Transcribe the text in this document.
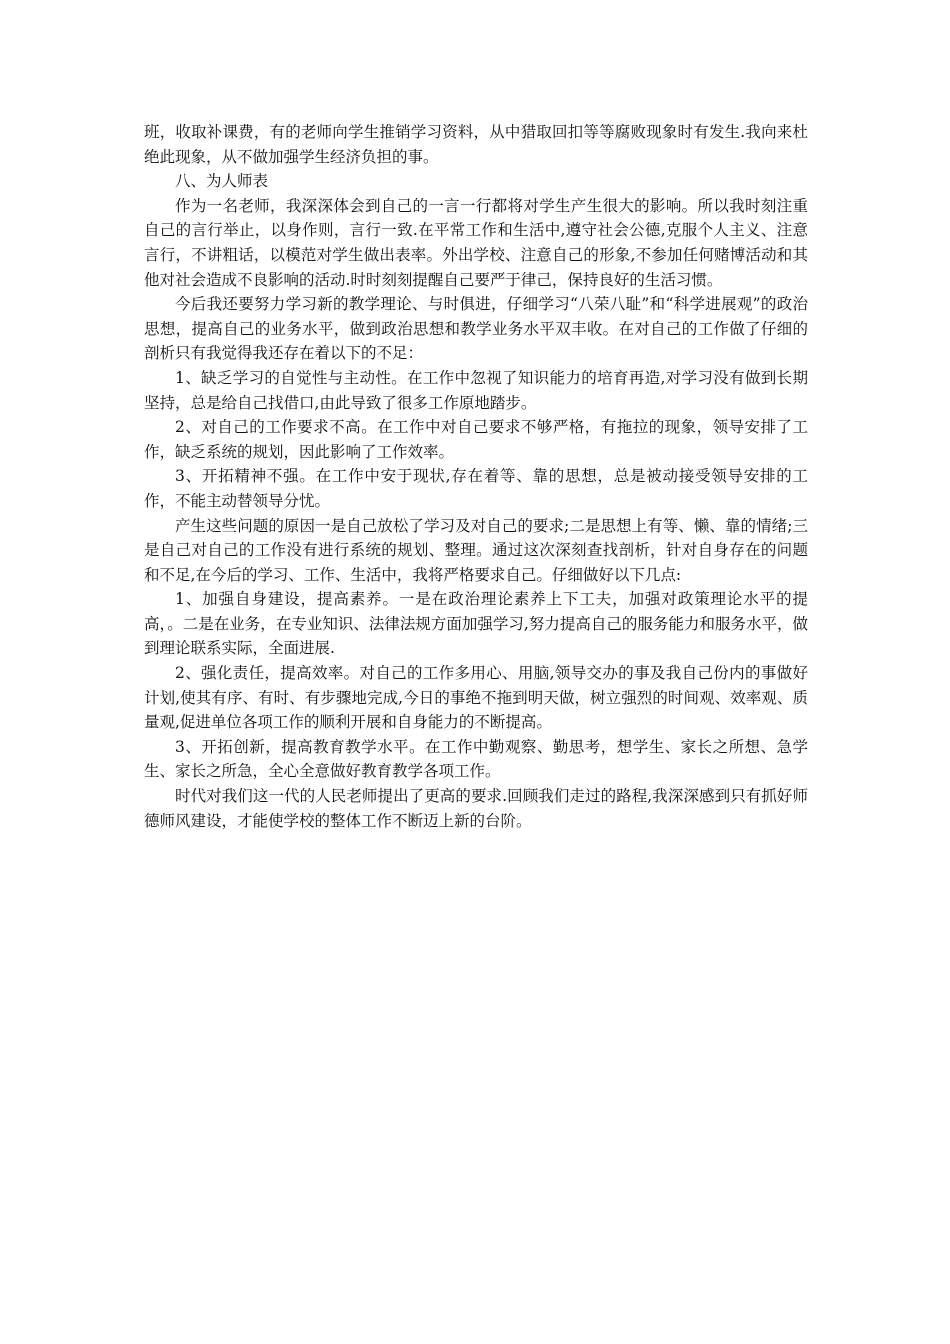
班，收取补课费，有的老师向学生推销学习资料，从中猎取回扣等等腐败现象时有发生.我向来杜绝此现象，从不做加强学生经济负担的事。

八、为人师表

作为一名老师，我深深体会到自己的一言一行都将对学生产生很大的影响。所以我时刻注重自己的言行举止，以身作则，言行一致.在平常工作和生活中,遵守社会公德,克服个人主义、注意言行，不讲粗话，以模范对学生做出表率。外出学校、注意自己的形象,不参加任何赌博活动和其他对社会造成不良影响的活动.时时刻刻提醒自己要严于律己，保持良好的生活习惯。

今后我还要努力学习新的教学理论、与时俱进，仔细学习“八荣八耻”和“科学进展观”的政治思想，提高自己的业务水平，做到政治思想和教学业务水平双丰收。在对自己的工作做了仔细的剖析只有我觉得我还存在着以下的不足：

1、缺乏学习的自觉性与主动性。在工作中忽视了知识能力的培育再造,对学习没有做到长期坚持，总是给自己找借口,由此导致了很多工作原地踏步。

2、对自己的工作要求不高。在工作中对自己要求不够严格，有拖拉的现象，领导安排了工作，缺乏系统的规划，因此影响了工作效率。

3、开拓精神不强。在工作中安于现状,存在着等、靠的思想，总是被动接受领导安排的工作，不能主动替领导分忧。

产生这些问题的原因一是自己放松了学习及对自己的要求;二是思想上有等、懒、靠的情绪;三是自己对自己的工作没有进行系统的规划、整理。通过这次深刻查找剖析，针对自身存在的问题和不足,在今后的学习、工作、生活中，我将严格要求自己。仔细做好以下几点:

1、加强自身建设，提高素养。一是在政治理论素养上下工夫，加强对政策理论水平的提高，。二是在业务，在专业知识、法律法规方面加强学习,努力提高自己的服务能力和服务水平，做到理论联系实际，全面进展.

2、强化责任，提高效率。对自己的工作多用心、用脑,领导交办的事及我自己份内的事做好计划,使其有序、有时、有步骤地完成,今日的事绝不拖到明天做，树立强烈的时间观、效率观、质量观,促进单位各项工作的顺利开展和自身能力的不断提高。

3、开拓创新，提高教育教学水平。在工作中勤观察、勤思考，想学生、家长之所想、急学生、家长之所急，全心全意做好教育教学各项工作。

时代对我们这一代的人民老师提出了更高的要求.回顾我们走过的路程,我深深感到只有抓好师德师风建设，才能使学校的整体工作不断迈上新的台阶。
